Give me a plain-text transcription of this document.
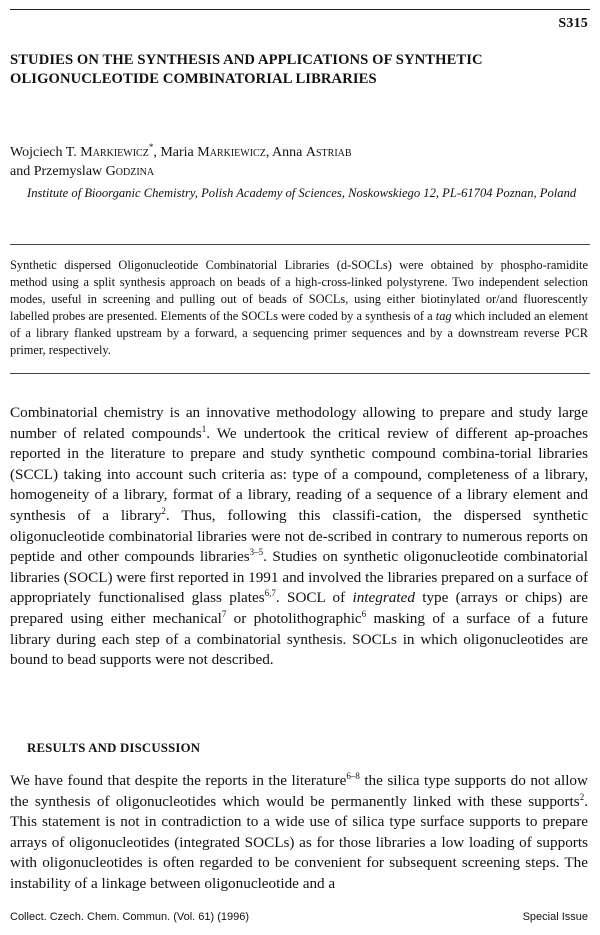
S315
STUDIES ON THE SYNTHESIS AND APPLICATIONS OF SYNTHETIC OLIGONUCLEOTIDE COMBINATORIAL LIBRARIES
Wojciech T. Markiewicz*, Maria Markiewicz, Anna Astriab
and Przemyslaw Godzina
Institute of Bioorganic Chemistry, Polish Academy of Sciences, Noskowskiego 12, PL-61704 Poznan, Poland
Synthetic dispersed Oligonucleotide Combinatorial Libraries (d-SOCLs) were obtained by phospho-ramidite method using a split synthesis approach on beads of a high-cross-linked polystyrene. Two independent selection modes, useful in screening and pulling out of beads of SOCLs, using either biotinylated or/and fluorescently labelled probes are presented. Elements of the SOCLs were coded by a synthesis of a tag which included an element of a library flanked upstream by a forward, a sequencing primer sequences and by a downstream reverse PCR primer, respectively.
Combinatorial chemistry is an innovative methodology allowing to prepare and study large number of related compounds$^1$. We undertook the critical review of different ap-proaches reported in the literature to prepare and study synthetic compound combina-torial libraries (SCCL) taking into account such criteria as: type of a compound, completeness of a library, homogeneity of a library, format of a library, reading of a sequence of a library element and synthesis of a library$^2$. Thus, following this classifi-cation, the dispersed synthetic oligonucleotide combinatorial libraries were not de-scribed in contrary to numerous reports on peptide and other compounds libraries$^{3-5}$. Studies on synthetic oligonucleotide combinatorial libraries (SOCL) were first reported in 1991 and involved the libraries prepared on a surface of appropriately functionalised glass plates$^{6,7}$. SOCL of integrated type (arrays or chips) are prepared using either mechanical$^7$ or photolithographic$^6$ masking of a surface of a future library during each step of a combinatorial synthesis. SOCLs in which oligonucleotides are bound to bead supports were not described.
RESULTS AND DISCUSSION
We have found that despite the reports in the literature$^{6-8}$ the silica type supports do not allow the synthesis of oligonucleotides which would be permanently linked with these supports$^2$. This statement is not in contradiction to a wide use of silica type surface supports to prepare arrays of oligonucleotides (integrated SOCLs) as for those libraries a low loading of supports with oligonucleotides is often regarded to be convenient for subsequent screening steps. The instability of a linkage between oligonucleotide and a
Collect. Czech. Chem. Commun. (Vol. 61) (1996)	Special Issue
